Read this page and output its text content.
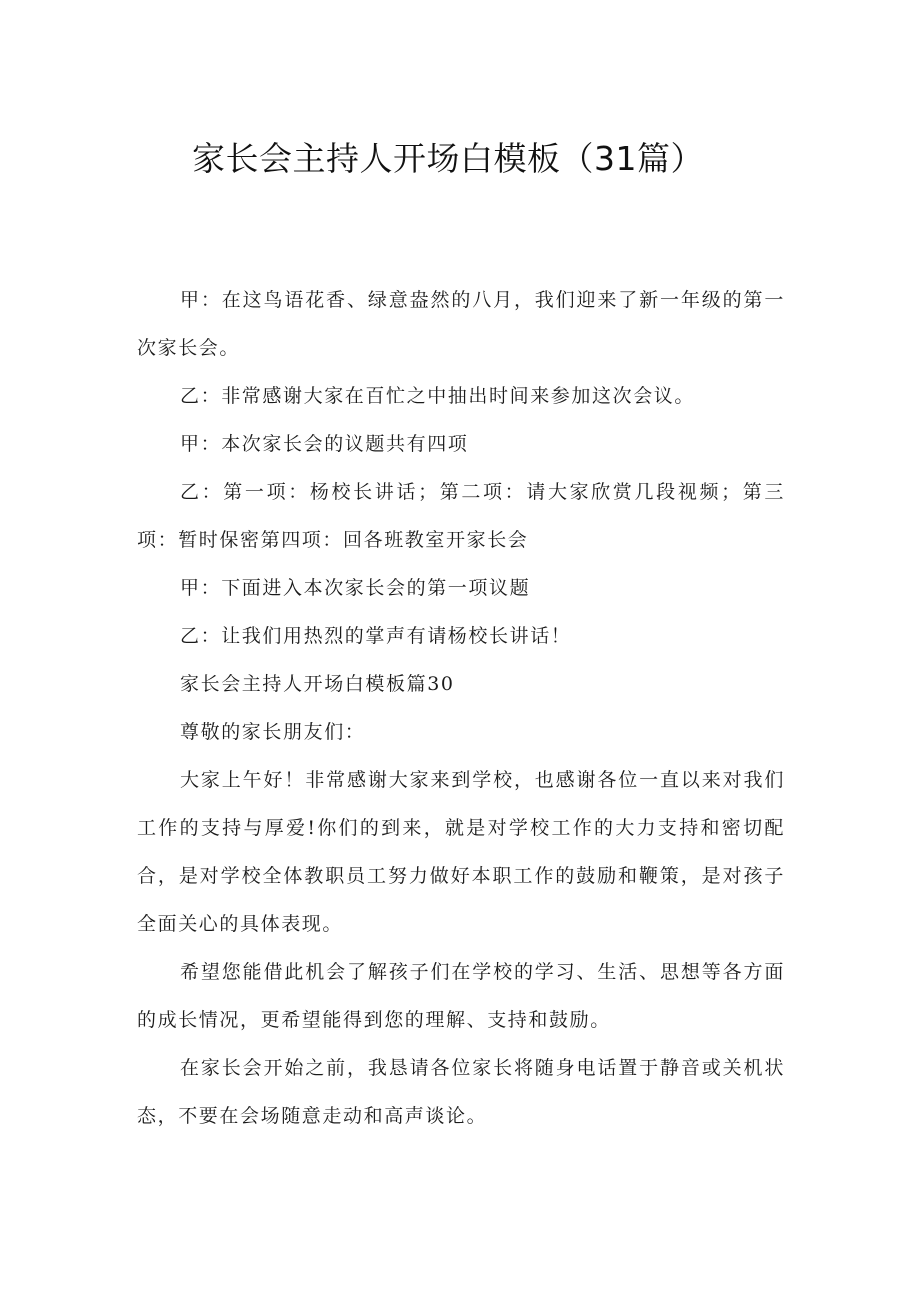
家长会主持人开场白模板（31篇）

甲：在这鸟语花香、绿意盎然的八月，我们迎来了新一年级的第一次家长会。

乙：非常感谢大家在百忙之中抽出时间来参加这次会议。

甲：本次家长会的议题共有四项

乙：第一项：杨校长讲话；第二项：请大家欣赏几段视频；第三项：暂时保密第四项：回各班教室开家长会

甲：下面进入本次家长会的第一项议题

乙：让我们用热烈的掌声有请杨校长讲话！

家长会主持人开场白模板篇30

尊敬的家长朋友们：

大家上午好！非常感谢大家来到学校，也感谢各位一直以来对我们工作的支持与厚爱!你们的到来，就是对学校工作的大力支持和密切配合，是对学校全体教职员工努力做好本职工作的鼓励和鞭策，是对孩子全面关心的具体表现。

希望您能借此机会了解孩子们在学校的学习、生活、思想等各方面的成长情况，更希望能得到您的理解、支持和鼓励。

在家长会开始之前，我恳请各位家长将随身电话置于静音或关机状态，不要在会场随意走动和高声谈论。
